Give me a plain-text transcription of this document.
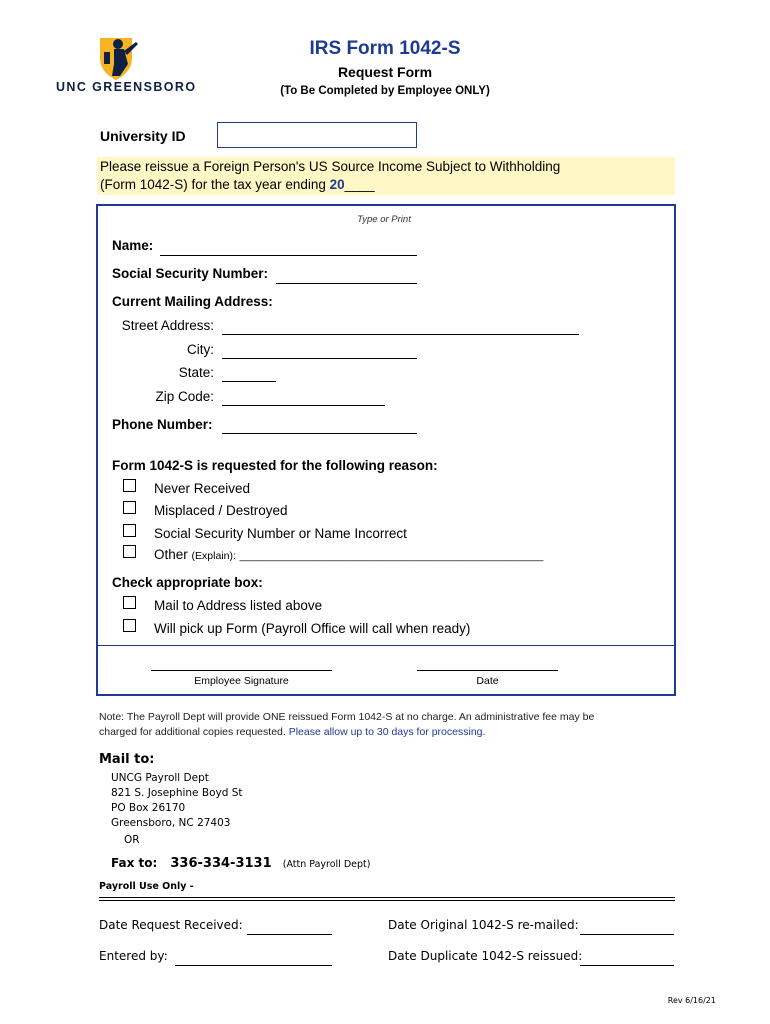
UNC GREENSBORO
IRS Form 1042-S
Request Form
(To Be Completed by Employee ONLY)
University ID
Please reissue a Foreign Person's US Source Income Subject to Withholding
(Form 1042-S) for the tax year ending 20____
Type or Print
Name:
Social Security Number:
Current Mailing Address:
Street Address:
City:
State:
Zip Code:
Phone Number:
Form 1042-S is requested for the following reason:
Never Received
Misplaced / Destroyed
Social Security Number or Name Incorrect
Other (Explain): ____________________________________________________
Check appropriate box:
Mail to Address listed above
Will pick up Form (Payroll Office will call when ready)
Employee Signature	Date
Note: The Payroll Dept will provide ONE reissued Form 1042-S at no charge. An administrative fee may be
charged for additional copies requested. Please allow up to 30 days for processing.
Mail to:
UNCG Payroll Dept
821 S. Josephine Boyd St
PO Box 26170
Greensboro, NC 27403
OR
Fax to: 336-334-3131 (Attn Payroll Dept)
Payroll Use Only -
Date Request Received:	Date Original 1042-S re-mailed:
Entered by:	Date Duplicate 1042-S reissued:
Rev 6/16/21
